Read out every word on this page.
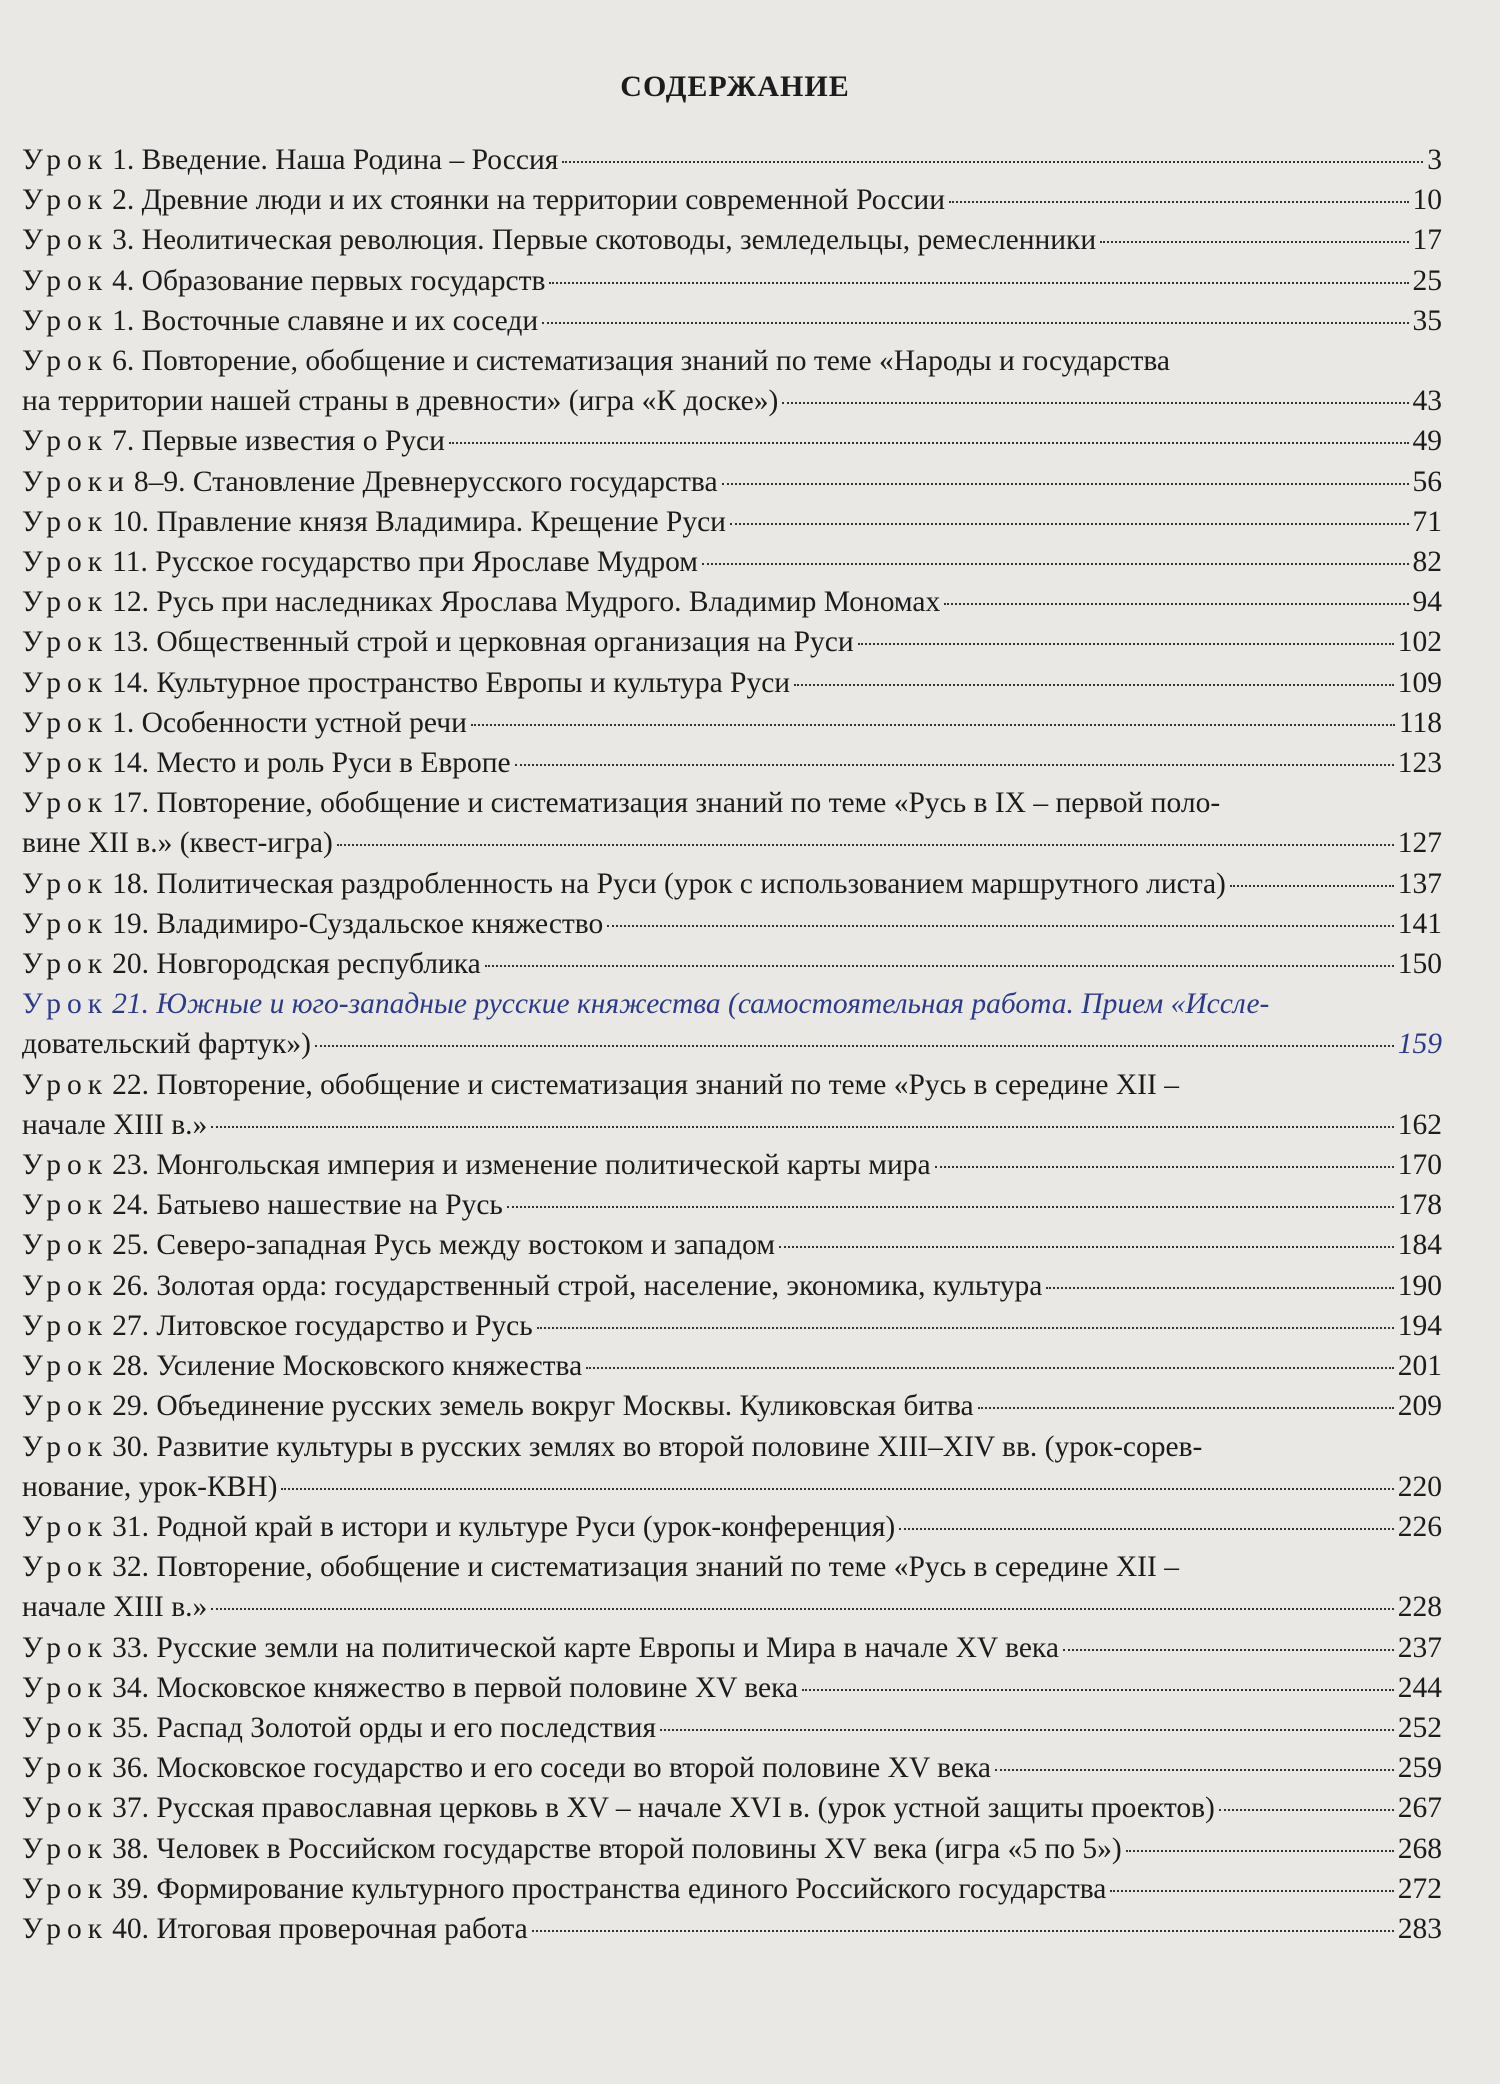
СОДЕРЖАНИЕ
Урок 1. Введение. Наша Родина – Россия	3
Урок 2. Древние люди и их стоянки на территории современной России	10
Урок 3. Неолитическая революция. Первые скотоводы, земледельцы, ремесленники	17
Урок 4. Образование первых государств	25
Урок 1. Восточные славяне и их соседи	35
Урок 6. Повторение, обобщение и систематизация знаний по теме «Народы и государства
на территории нашей страны в древности» (игра «К доске»)	43
Урок 7. Первые известия о Руси	49
Уроки 8–9. Становление Древнерусского государства	56
Урок 10. Правление князя Владимира. Крещение Руси	71
Урок 11. Русское государство при Ярославе Мудром	82
Урок 12. Русь при наследниках Ярослава Мудрого. Владимир Мономах	94
Урок 13. Общественный строй и церковная организация на Руси	102
Урок 14. Культурное пространство Европы и культура Руси	109
Урок 1. Особенности устной речи	118
Урок 14. Место и роль Руси в Европе	123
Урок 17. Повторение, обобщение и систематизация знаний по теме «Русь в IX – первой поло-
вине XII в.» (квест-игра)	127
Урок 18. Политическая раздробленность на Руси (урок с использованием маршрутного листа)	137
Урок 19. Владимиро-Суздальское княжество	141
Урок 20. Новгородская республика	150
Урок 21. Южные и юго-западные русские княжества (самостоятельная работа. Прием «Иссле-
довательский фартук»)	159
Урок 22. Повторение, обобщение и систематизация знаний по теме «Русь в середине XII –
начале XIII в.»	162
Урок 23. Монгольская империя и изменение политической карты мира	170
Урок 24. Батыево нашествие на Русь	178
Урок 25. Северо-западная Русь между востоком и западом	184
Урок 26. Золотая орда: государственный строй, население, экономика, культура	190
Урок 27. Литовское государство и Русь	194
Урок 28. Усиление Московского княжества	201
Урок 29. Объединение русских земель вокруг Москвы. Куликовская битва	209
Урок 30. Развитие культуры в русских землях во второй половине XIII–XIV вв. (урок-сорев-
нование, урок-КВН)	220
Урок 31. Родной край в истори и культуре Руси (урок-конференция)	226
Урок 32. Повторение, обобщение и систематизация знаний по теме «Русь в середине XII –
начале XIII в.»	228
Урок 33. Русские земли на политической карте Европы и Мира в начале XV века	237
Урок 34. Московское княжество в первой половине XV века	244
Урок 35. Распад Золотой орды и его последствия	252
Урок 36. Московское государство и его соседи во второй половине XV века	259
Урок 37. Русская православная церковь в XV – начале XVI в. (урок устной защиты проектов)	267
Урок 38. Человек в Российском государстве второй половины XV века (игра «5 по 5»)	268
Урок 39. Формирование культурного пространства единого Российского государства	272
Урок 40. Итоговая проверочная работа	283
